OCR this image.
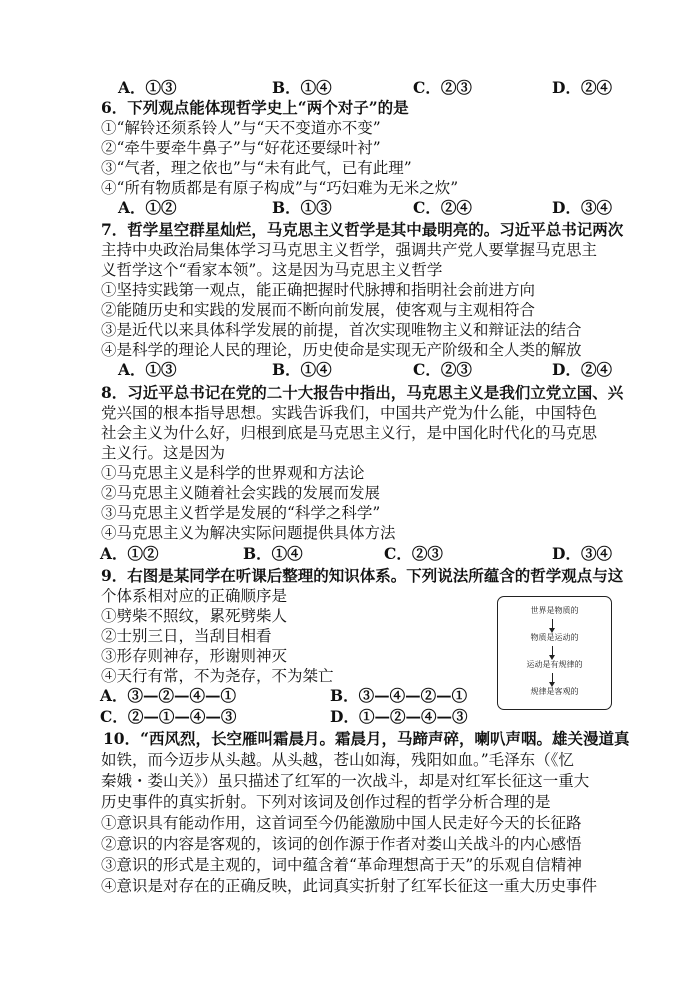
A．①③	B．①④	C．②③	D．②④
6．下列观点能体现哲学史上“两个对子”的是
①“解铃还须系铃人”与“天不变道亦不变”
②“牵牛要牵牛鼻子”与“好花还要绿叶衬”
③“气者，理之依也”与“未有此气，已有此理”
④“所有物质都是有原子构成”与“巧妇难为无米之炊”
A．①②	B．①③	C．②④	D．③④
7．哲学星空群星灿烂，马克思主义哲学是其中最明亮的。习近平总书记两次
主持中央政治局集体学习马克思主义哲学，强调共产党人要掌握马克思主
义哲学这个“看家本领”。这是因为马克思主义哲学
①坚持实践第一观点，能正确把握时代脉搏和指明社会前进方向
②能随历史和实践的发展而不断向前发展，使客观与主观相符合
③是近代以来具体科学发展的前提，首次实现唯物主义和辩证法的结合
④是科学的理论人民的理论，历史使命是实现无产阶级和全人类的解放
A．①③	B．①④	C．②③	D．②④
8．习近平总书记在党的二十大报告中指出，马克思主义是我们立党立国、兴
党兴国的根本指导思想。实践告诉我们，中国共产党为什么能，中国特色
社会主义为什么好，归根到底是马克思主义行，是中国化时代化的马克思
主义行。这是因为
①马克思主义是科学的世界观和方法论
②马克思主义随着社会实践的发展而发展
③马克思主义哲学是发展的“科学之科学”
④马克思主义为解决实际问题提供具体方法
A．①②	B．①④	C．②③	D．③④
9．右图是某同学在听课后整理的知识体系。下列说法所蕴含的哲学观点与这
个体系相对应的正确顺序是
①劈柴不照纹，累死劈柴人
②士别三日，当刮目相看
③形存则神存，形谢则神灭
④天行有常，不为尧存，不为桀亡
A．③—②—④—①	B．③—④—②—①
C．②—①—④—③	D．①—②—④—③
世界是物质的
物质是运动的
运动是有规律的
规律是客观的
10．“西风烈，长空雁叫霜晨月。霜晨月，马蹄声碎，喇叭声咽。雄关漫道真
如铁，而今迈步从头越。从头越，苍山如海，残阳如血。”毛泽东（《忆
秦娥・娄山关》）虽只描述了红军的一次战斗，却是对红军长征这一重大
历史事件的真实折射。下列对该词及创作过程的哲学分析合理的是
①意识具有能动作用，这首词至今仍能激励中国人民走好今天的长征路
②意识的内容是客观的，该词的创作源于作者对娄山关战斗的内心感悟
③意识的形式是主观的，词中蕴含着“革命理想高于天”的乐观自信精神
④意识是对存在的正确反映，此词真实折射了红军长征这一重大历史事件
